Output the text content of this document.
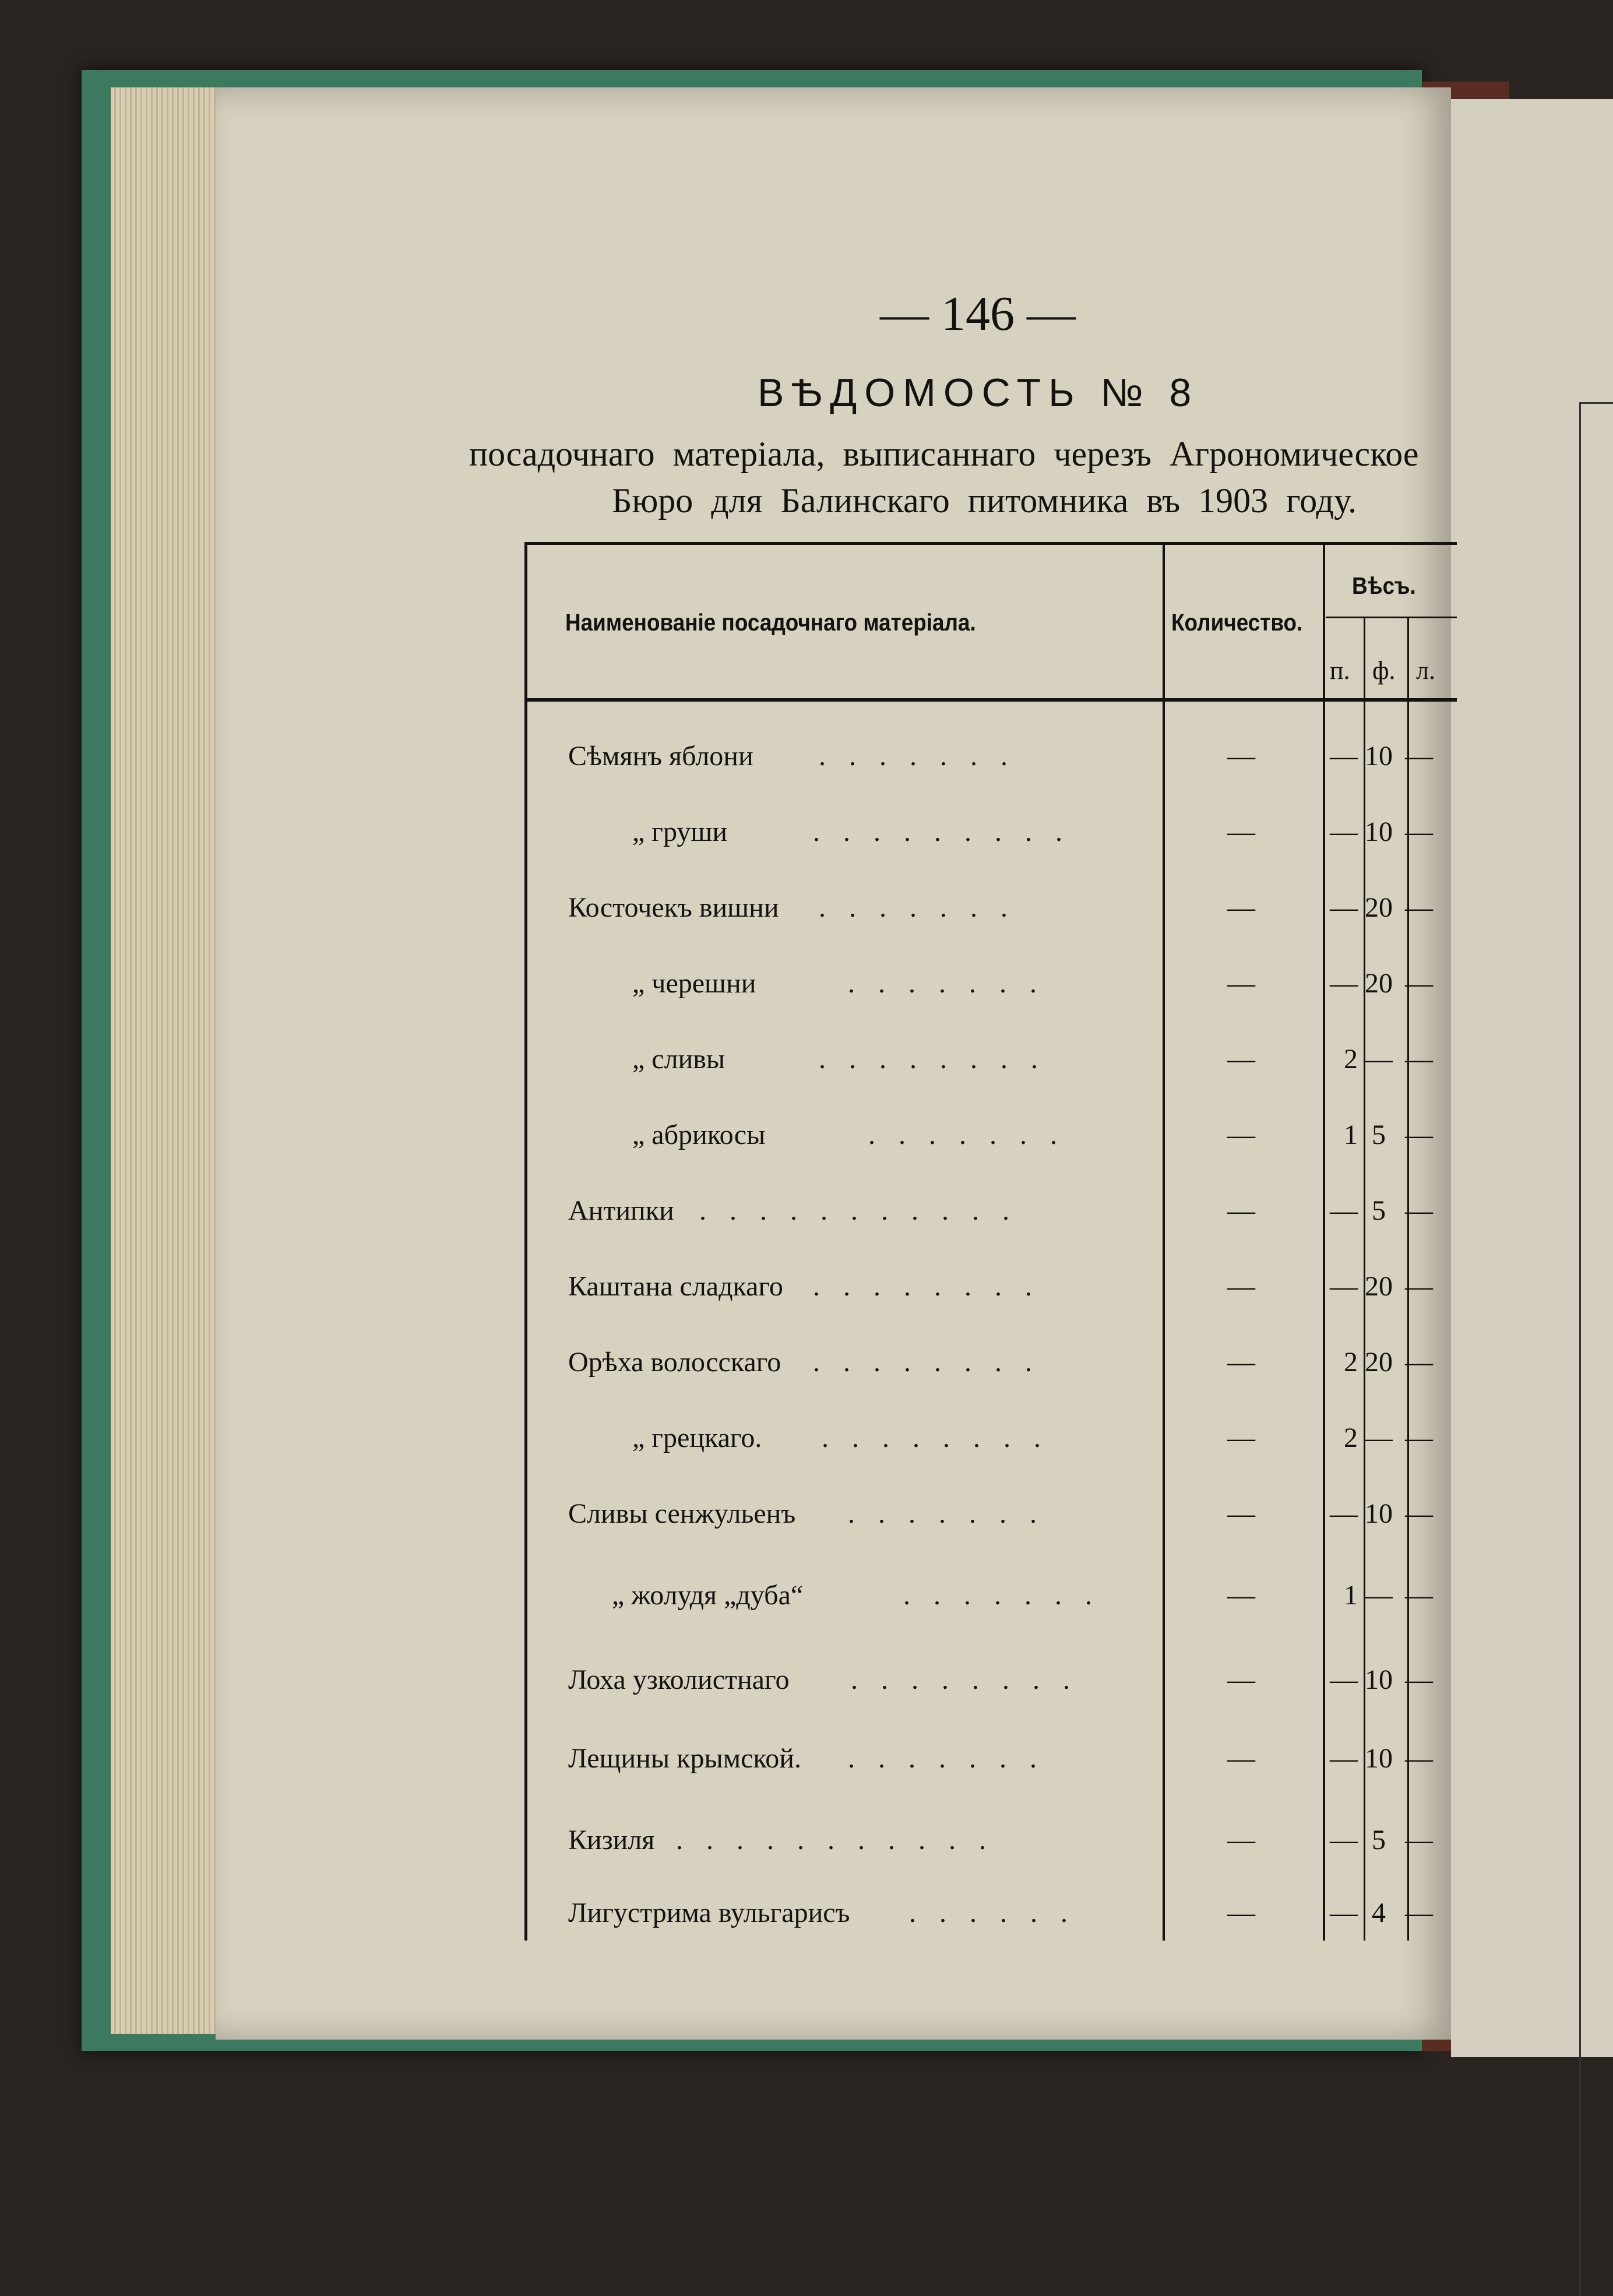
— 146 —
ВѢДОМОСТЬ № 8
посадочнаго матеріала, выписаннаго черезъ Агрономическое
Бюро для Балинскаго питомника въ 1903 году.
Наименованіе посадочнаго матеріала.	Количество.
Вѣсъ.
п. ф. л.
Сѣмянъ яблони . . . . . . .	—	— 10 —
„ груши	. . . . . . . . .	—	— 10 —
Косточекъ вишни . . . . . . .	—	— 20 —
„ черешни	. . . . . . .	—	— 20 —
„ сливы	. . . . . . . .	—	2 — —
„ абрикосы	. . . . . . .	—	1 5 —
Антипки . . . . . . . . . . .	—	— 5 —
Каштана сладкаго . . . . . . . .	—	— 20 —
Орѣха волосскаго . . . . . . . .	—	2 20 —
„ грецкаго. . . . . . . . .	—	2 — —
Сливы сенжульенъ . . . . . . .	—	— 10 —
„ жолудя „дуба“	. . . . . . .	—	1 — —
Лоха узколистнаго . . . . . . . .	—	— 10 —
Лещины крымской. . . . . . . .	—	— 10 —
Кизиля . . . . . . . . . . .	—	— 5 —
Лигустрима вульгарисъ . . . . . .	—	— 4 —
